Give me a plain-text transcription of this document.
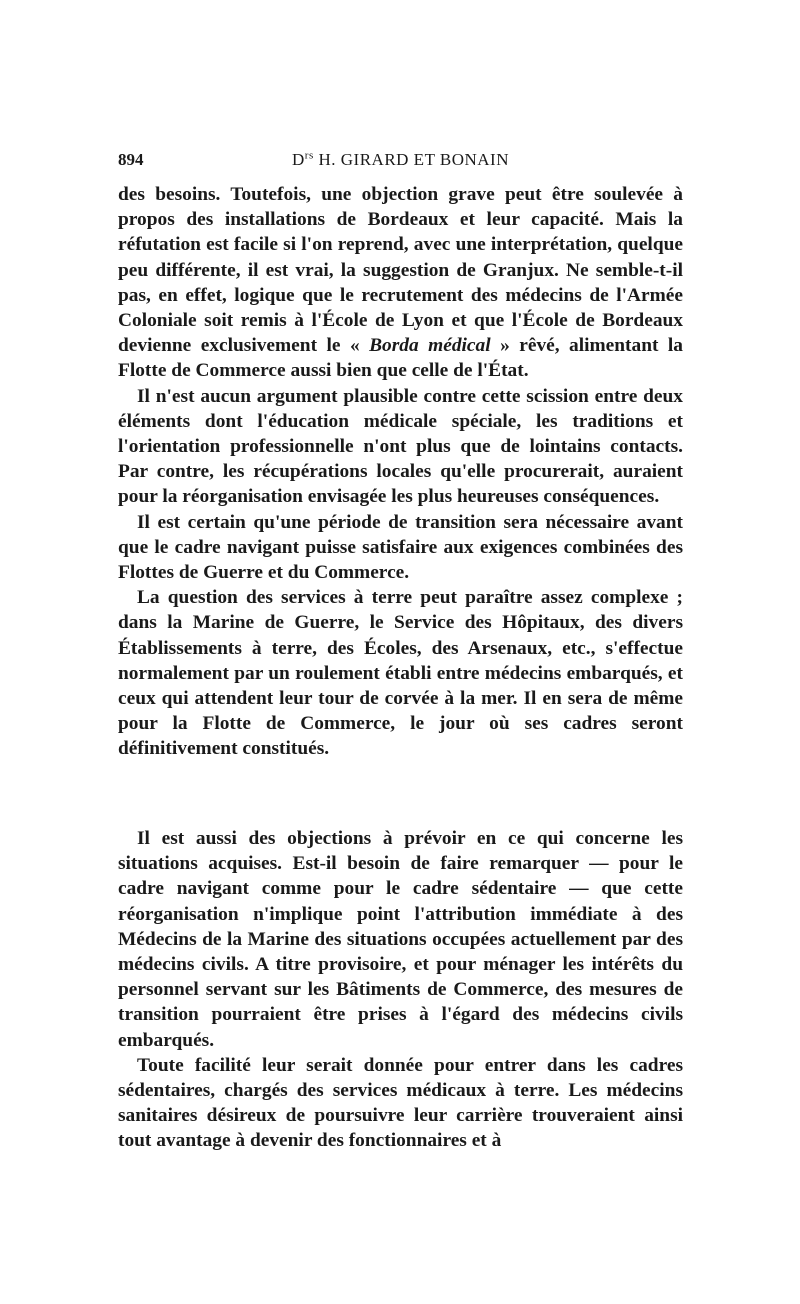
894	$D^{rs}$ H. GIRARD ET BONAIN

des besoins. Toutefois, une objection grave peut être soulevée à propos des installations de Bordeaux et leur capacité. Mais la réfutation est facile si l'on reprend, avec une interprétation, quelque peu différente, il est vrai, la suggestion de Granjux. Ne semble-t-il pas, en effet, logique que le recrutement des médecins de l'Armée Coloniale soit remis à l'École de Lyon et que l'École de Bordeaux devienne exclusivement le « Borda médical » rêvé, alimentant la Flotte de Commerce aussi bien que celle de l'État.

Il n'est aucun argument plausible contre cette scission entre deux éléments dont l'éducation médicale spéciale, les traditions et l'orientation professionnelle n'ont plus que de lointains contacts. Par contre, les récupérations locales qu'elle procurerait, auraient pour la réorganisation envisagée les plus heureuses conséquences.

Il est certain qu'une période de transition sera nécessaire avant que le cadre navigant puisse satisfaire aux exigences combinées des Flottes de Guerre et du Commerce.

La question des services à terre peut paraître assez complexe ; dans la Marine de Guerre, le Service des Hôpitaux, des divers Établissements à terre, des Écoles, des Arsenaux, etc., s'effectue normalement par un roulement établi entre médecins embarqués, et ceux qui attendent leur tour de corvée à la mer. Il en sera de même pour la Flotte de Commerce, le jour où ses cadres seront définitivement constitués.

Il est aussi des objections à prévoir en ce qui concerne les situations acquises. Est-il besoin de faire remarquer — pour le cadre navigant comme pour le cadre sédentaire — que cette réorganisation n'implique point l'attribution immédiate à des Médecins de la Marine des situations occupées actuellement par des médecins civils. A titre provisoire, et pour ménager les intérêts du personnel servant sur les Bâtiments de Commerce, des mesures de transition pourraient être prises à l'égard des médecins civils embarqués.

Toute facilité leur serait donnée pour entrer dans les cadres sédentaires, chargés des services médicaux à terre. Les médecins sanitaires désireux de poursuivre leur carrière trouveraient ainsi tout avantage à devenir des fonctionnaires et à
